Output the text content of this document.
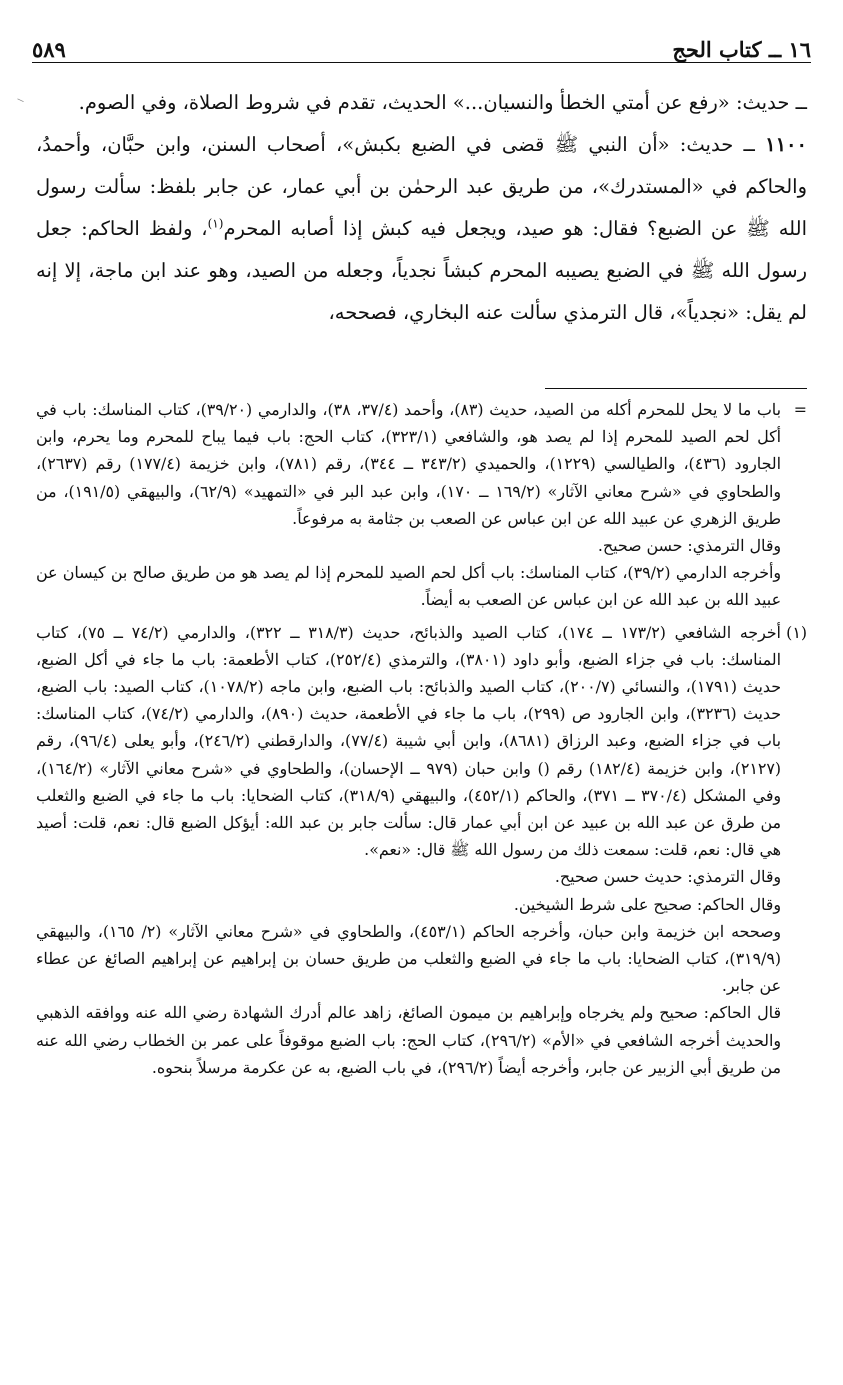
١٦ ــ كتاب الحج
٥٨٩
⸝	ــ حديث: «رفع عن أمتي الخطأ والنسيان...» الحديث، تقدم في شروط الصلاة، وفي الصوم.

١١٠٠ ــ حديث: «أن النبي ﷺ قضى في الضبع بكبش»، أصحاب السنن، وابن حبَّان، وأحمدُ، والحاكم في «المستدرك»، من طريق عبد الرحمٰن بن أبي عمار، عن جابر بلفظ: سألت رسول الله ﷺ عن الضبع؟ فقال: هو صيد، ويجعل فيه كبش إذا أصابه المحرم$^{(١)}$، ولفظ الحاكم: جعل رسول الله ﷺ في الضبع يصيبه المحرم كبشاً نجدياً، وجعله من الصيد، وهو عند ابن ماجة، إلا إنه لم يقل: «نجدياً»، قال الترمذي سألت عنه البخاري، فصححه،

=
باب ما لا يحل للمحرم أكله من الصيد، حديث (٨٣)، وأحمد (٣٧/٤، ٣٨)، والدارمي (٣٩/٢٠)، كتاب المناسك: باب في أكل لحم الصيد للمحرم إذا لم يصد هو، والشافعي (٣٢٣/١)، كتاب الحج: باب فيما يباح للمحرم وما يحرم، وابن الجارود (٤٣٦)، والطيالسي (١٢٢٩)، والحميدي (٣٤٣/٢ ــ ٣٤٤)، رقم (٧٨١)، وابن خزيمة (١٧٧/٤) رقم (٢٦٣٧)، والطحاوي في «شرح معاني الآثار» (١٦٩/٢ ــ ١٧٠)، وابن عبد البر في «التمهيد» (٦٢/٩)، والبيهقي (١٩١/٥)، من طريق الزهري عن عبيد الله عن ابن عباس عن الصعب بن جثامة به مرفوعاً.

وقال الترمذي: حسن صحيح.

وأخرجه الدارمي (٣٩/٢)، كتاب المناسك: باب أكل لحم الصيد للمحرم إذا لم يصد هو من طريق صالح بن كيسان عن عبيد الله بن عبد الله عن ابن عباس عن الصعب به أيضاً.

(١)
أخرجه الشافعي (١٧٣/٢ ــ ١٧٤)، كتاب الصيد والذبائح، حديث (٣١٨/٣ ــ ٣٢٢)، والدارمي (٧٤/٢ ــ ٧٥)، كتاب المناسك: باب في جزاء الضبع، وأبو داود (٣٨٠١)، والترمذي (٢٥٢/٤)، كتاب الأطعمة: باب ما جاء في أكل الضبع، حديث (١٧٩١)، والنسائي (٢٠٠/٧)، كتاب الصيد والذبائح: باب الضبع، وابن ماجه (١٠٧٨/٢)، كتاب الصيد: باب الضبع، حديث (٣٢٣٦)، وابن الجارود ص (٢٩٩)، باب ما جاء في الأطعمة، حديث (٨٩٠)، والدارمي (٧٤/٢)، كتاب المناسك: باب في جزاء الضبع، وعبد الرزاق (٨٦٨١)، وابن أبي شيبة (٧٧/٤)، والدارقطني (٢٤٦/٢)، وأبو يعلى (٩٦/٤)، رقم (٢١٢٧)، وابن خزيمة (١٨٢/٤) رقم () وابن حبان (٩٧٩ ــ الإحسان)، والطحاوي في «شرح معاني الآثار» (١٦٤/٢)، وفي المشكل (٣٧٠/٤ ــ ٣٧١)، والحاكم (٤٥٢/١)، والبيهقي (٣١٨/٩)، كتاب الضحايا: باب ما جاء في الضبع والثعلب من طرق عن عبد الله بن عبيد عن ابن أبي عمار قال: سألت جابر بن عبد الله: أيؤكل الضبع قال: نعم، قلت: أصيد هي قال: نعم، قلت: سمعت ذلك من رسول الله ﷺ قال: «نعم».

وقال الترمذي: حديث حسن صحيح.

وقال الحاكم: صحيح على شرط الشيخين.

وصححه ابن خزيمة وابن حبان، وأخرجه الحاكم (٤٥٣/١)، والطحاوي في «شرح معاني الآثار» (٢/ ١٦٥)، والبيهقي (٣١٩/٩)، كتاب الضحايا: باب ما جاء في الضبع والثعلب من طريق حسان بن إبراهيم عن إبراهيم الصائغ عن عطاء عن جابر.

قال الحاكم: صحيح ولم يخرجاه وإبراهيم بن ميمون الصائغ، زاهد عالم أدرك الشهادة رضي الله عنه ووافقه الذهبي والحديث أخرجه الشافعي في «الأم» (٢٩٦/٢)، كتاب الحج: باب الضبع موقوفاً على عمر بن الخطاب رضي الله عنه من طريق أبي الزبير عن جابر، وأخرجه أيضاً (٢٩٦/٢)، في باب الضبع، به عن عكرمة مرسلاً بنحوه.
